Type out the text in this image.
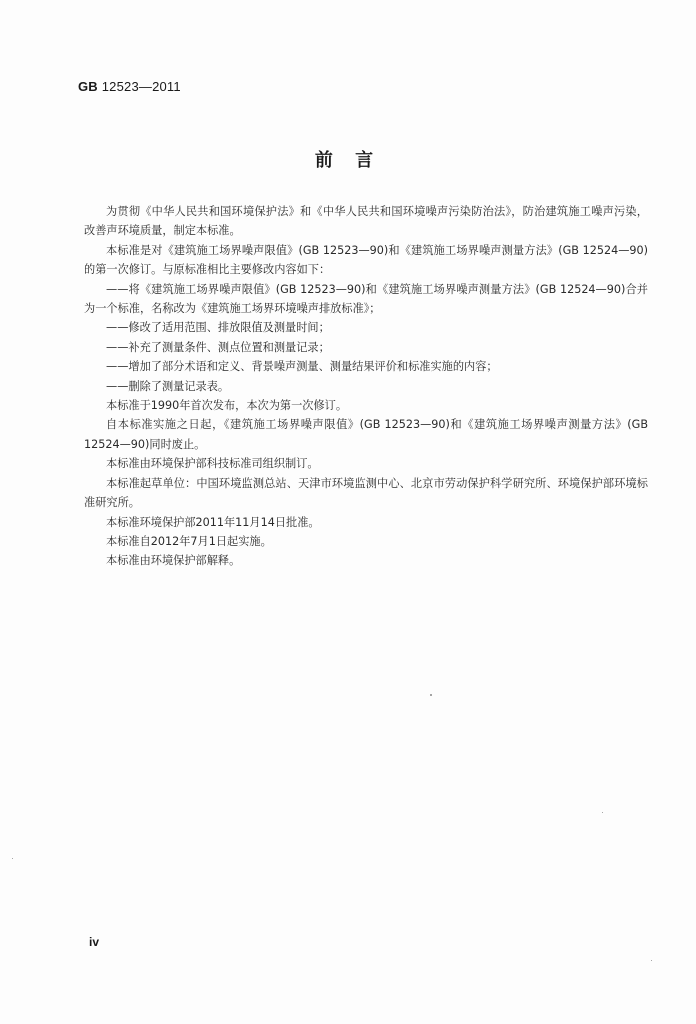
GB 12523—2011
前 言

为贯彻《中华人民共和国环境保护法》和《中华人民共和国环境噪声污染防治法》，防治建筑施工噪声污染，改善声环境质量，制定本标准。

本标准是对《建筑施工场界噪声限值》(GB 12523—90)和《建筑施工场界噪声测量方法》(GB 12524—90)的第一次修订。与原标准相比主要修改内容如下：

——将《建筑施工场界噪声限值》(GB 12523—90)和《建筑施工场界噪声测量方法》(GB 12524—90)合并为一个标准，名称改为《建筑施工场界环境噪声排放标准》；

——修改了适用范围、排放限值及测量时间；

——补充了测量条件、测点位置和测量记录；

——增加了部分术语和定义、背景噪声测量、测量结果评价和标准实施的内容；

——删除了测量记录表。

本标准于1990年首次发布，本次为第一次修订。

自本标准实施之日起，《建筑施工场界噪声限值》(GB 12523—90)和《建筑施工场界噪声测量方法》(GB 12524—90)同时废止。

本标准由环境保护部科技标准司组织制订。

本标准起草单位：中国环境监测总站、天津市环境监测中心、北京市劳动保护科学研究所、环境保护部环境标准研究所。

本标准环境保护部2011年11月14日批准。

本标准自2012年7月1日起实施。

本标准由环境保护部解释。

iv
